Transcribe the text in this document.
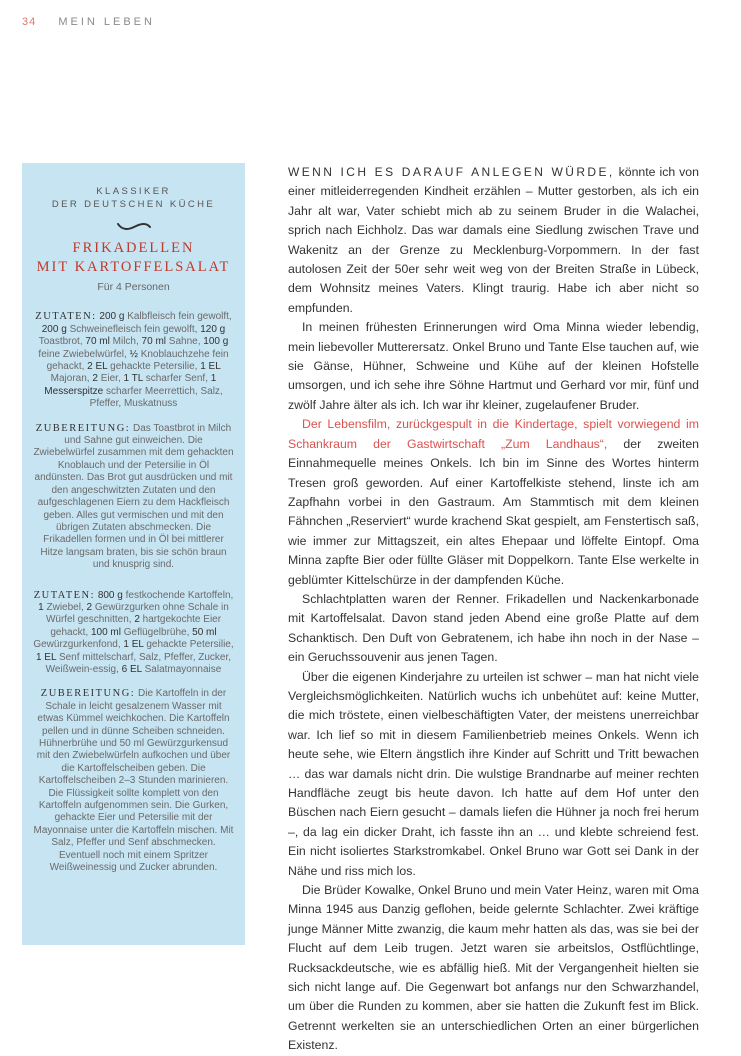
34 MEIN LEBEN
KLASSIKER
DER DEUTSCHEN KÜCHE
FRIKADELLEN
MIT KARTOFFELSALAT
Für 4 Personen
ZUTATEN: 200 g Kalbfleisch fein gewolft, 200 g Schweinefleisch fein gewolft, 120 g Toastbrot, 70 ml Milch, 70 ml Sahne, 100 g feine Zwiebelwürfel, ½ Knoblauchzehe fein gehackt, 2 EL gehackte Petersilie, 1 EL Majoran, 2 Eier, 1 TL scharfer Senf, 1 Messerspitze scharfer Meerrettich, Salz, Pfeffer, Muskatnuss
ZUBEREITUNG: Das Toastbrot in Milch und Sahne gut einweichen. Die Zwiebelwürfel zusammen mit dem gehackten Knoblauch und der Petersilie in Öl andünsten. Das Brot gut ausdrücken und mit den angeschwitzten Zutaten und den aufgeschlagenen Eiern zu dem Hackfleisch geben. Alles gut vermischen und mit den übrigen Zutaten abschmecken. Die Frikadellen formen und in Öl bei mittlerer Hitze langsam braten, bis sie schön braun und knusprig sind.
ZUTATEN: 800 g festkochende Kartoffeln, 1 Zwiebel, 2 Gewürzgurken ohne Schale in Würfel geschnitten, 2 hartgekochte Eier gehackt, 100 ml Geflügelbrühe, 50 ml Gewürzgurkenfond, 1 EL gehackte Petersilie, 1 EL Senf mittelscharf, Salz, Pfeffer, Zucker, Weißwein-essig, 6 EL Salatmayonnaise
ZUBEREITUNG: Die Kartoffeln in der Schale in leicht gesalzenem Wasser mit etwas Kümmel weichkochen. Die Kartoffeln pellen und in dünne Scheiben schneiden. Hühnerbrühe und 50 ml Gewürzgurkensud mit den Zwiebelwürfeln aufkochen und über die Kartoffelscheiben geben. Die Kartoffelscheiben 2–3 Stunden marinieren. Die Flüssigkeit sollte komplett von den Kartoffeln aufgenommen sein. Die Gurken, gehackte Eier und Petersilie mit der Mayonnaise unter die Kartoffeln mischen. Mit Salz, Pfeffer und Senf abschmecken. Eventuell noch mit einem Spritzer Weißweinessig und Zucker abrunden.

WENN ICH ES DARAUF ANLEGEN WÜRDE, könnte ich von einer mitleiderregenden Kindheit erzählen – Mutter gestorben, als ich ein Jahr alt war, Vater schiebt mich ab zu seinem Bruder in die Walachei, sprich nach Eichholz. Das war damals eine Siedlung zwischen Trave und Wakenitz an der Grenze zu Mecklenburg-Vorpommern. In der fast autolosen Zeit der 50er sehr weit weg von der Breiten Straße in Lübeck, dem Wohnsitz meines Vaters. Klingt traurig. Habe ich aber nicht so empfunden.

In meinen frühesten Erinnerungen wird Oma Minna wieder lebendig, mein liebevoller Mutterersatz. Onkel Bruno und Tante Else tauchen auf, wie sie Gänse, Hühner, Schweine und Kühe auf der kleinen Hofstelle umsorgen, und ich sehe ihre Söhne Hartmut und Gerhard vor mir, fünf und zwölf Jahre älter als ich. Ich war ihr kleiner, zugelaufener Bruder.

Der Lebensfilm, zurückgespult in die Kindertage, spielt vorwiegend im Schankraum der Gastwirtschaft „Zum Landhaus“, der zweiten Einnahmequelle meines Onkels. Ich bin im Sinne des Wortes hinterm Tresen groß geworden. Auf einer Kartoffelkiste stehend, linste ich am Zapfhahn vorbei in den Gastraum. Am Stammtisch mit dem kleinen Fähnchen „Reserviert“ wurde krachend Skat gespielt, am Fenstertisch saß, wie immer zur Mittagszeit, ein altes Ehepaar und löffelte Eintopf. Oma Minna zapfte Bier oder füllte Gläser mit Doppelkorn. Tante Else werkelte in geblümter Kittelschürze in der dampfenden Küche.

Schlachtplatten waren der Renner. Frikadellen und Nackenkarbonade mit Kartoffelsalat. Davon stand jeden Abend eine große Platte auf dem Schanktisch. Den Duft von Gebratenem, ich habe ihn noch in der Nase – ein Geruchssouvenir aus jenen Tagen.

Über die eigenen Kinderjahre zu urteilen ist schwer – man hat nicht viele Vergleichsmöglichkeiten. Natürlich wuchs ich unbehütet auf: keine Mutter, die mich tröstete, einen vielbeschäftigten Vater, der meistens unerreichbar war. Ich lief so mit in diesem Familienbetrieb meines Onkels. Wenn ich heute sehe, wie Eltern ängstlich ihre Kinder auf Schritt und Tritt bewachen … das war damals nicht drin. Die wulstige Brandnarbe auf meiner rechten Handfläche zeugt bis heute davon. Ich hatte auf dem Hof unter den Büschen nach Eiern gesucht – damals liefen die Hühner ja noch frei herum –, da lag ein dicker Draht, ich fasste ihn an … und klebte schreiend fest. Ein nicht isoliertes Starkstromkabel. Onkel Bruno war Gott sei Dank in der Nähe und riss mich los.

Die Brüder Kowalke, Onkel Bruno und mein Vater Heinz, waren mit Oma Minna 1945 aus Danzig geflohen, beide gelernte Schlachter. Zwei kräftige junge Männer Mitte zwanzig, die kaum mehr hatten als das, was sie bei der Flucht auf dem Leib trugen. Jetzt waren sie arbeitslos, Ostflüchtlinge, Rucksackdeutsche, wie es abfällig hieß. Mit der Vergangenheit hielten sie sich nicht lange auf. Die Gegenwart bot anfangs nur den Schwarzhandel, um über die Runden zu kommen, aber sie hatten die Zukunft fest im Blick. Getrennt werkelten sie an unterschiedlichen Orten an einer bürgerlichen Existenz.
